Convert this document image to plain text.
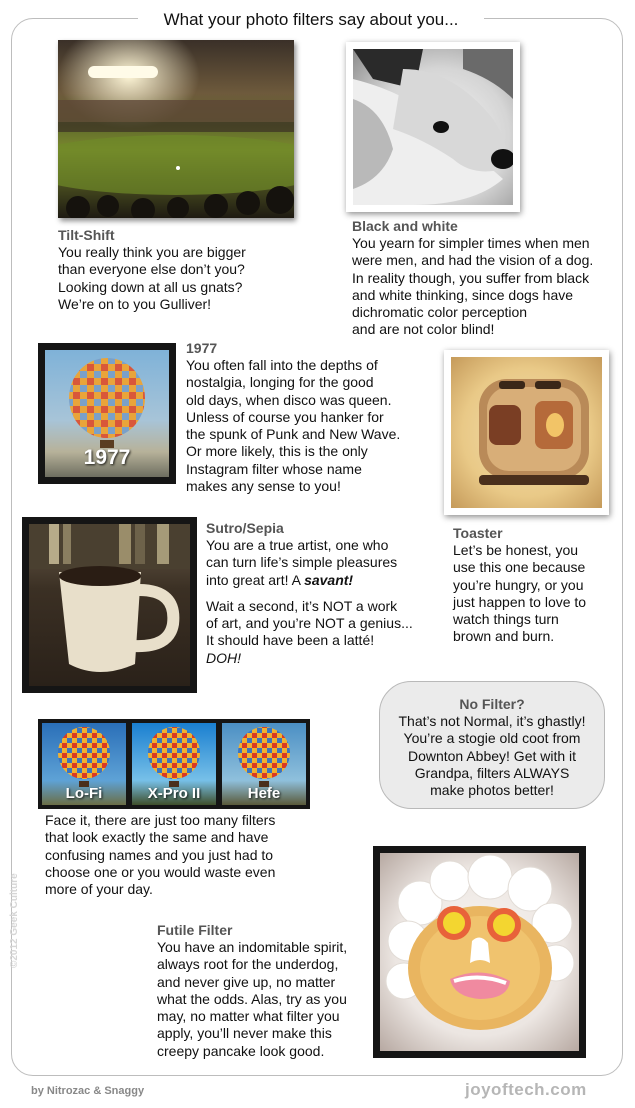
What your photo filters say about you...
Tilt-Shift
You really think you are bigger
than everyone else don’t you?
Looking down at all us gnats?
We’re on to you Gulliver!
Black and white
You yearn for simpler times when men
were men, and had the vision of a dog.
In reality though, you suffer from black
and white thinking, since dogs have
dichromatic color perception
and are not color blind!
1977
1977
You often fall into the depths of
nostalgia, longing for the good
old days, when disco was queen.
Unless of course you hanker for
the spunk of Punk and New Wave.
Or more likely, this is the only
Instagram filter whose name
makes any sense to you!
Toaster
Let’s be honest, you
use this one because
you’re hungry, or you
just happen to love to
watch things turn
brown and burn.
Sutro/Sepia
You are a true artist, one who
can turn life’s simple pleasures
into great art! A savant!
Wait a second, it’s NOT a work
of art, and you’re NOT a genius...
It should have been a latté!
DOH!
No Filter?
That’s not Normal, it’s ghastly!
You’re a stogie old coot from
Downton Abbey! Get with it
Grandpa, filters ALWAYS
make photos better!
Lo-Fi	X-Pro II	Hefe
Face it, there are just too many filters
that look exactly the same and have
confusing names and you just had to
choose one or you would waste even
more of your day.
Futile Filter
You have an indomitable spirit,
always root for the underdog,
and never give up, no matter
what the odds. Alas, try as you
may, no matter what filter you
apply, you’ll never make this
creepy pancake look good.
©2012 Geek Culture
by Nitrozac & Snaggy	joyoftech.com
